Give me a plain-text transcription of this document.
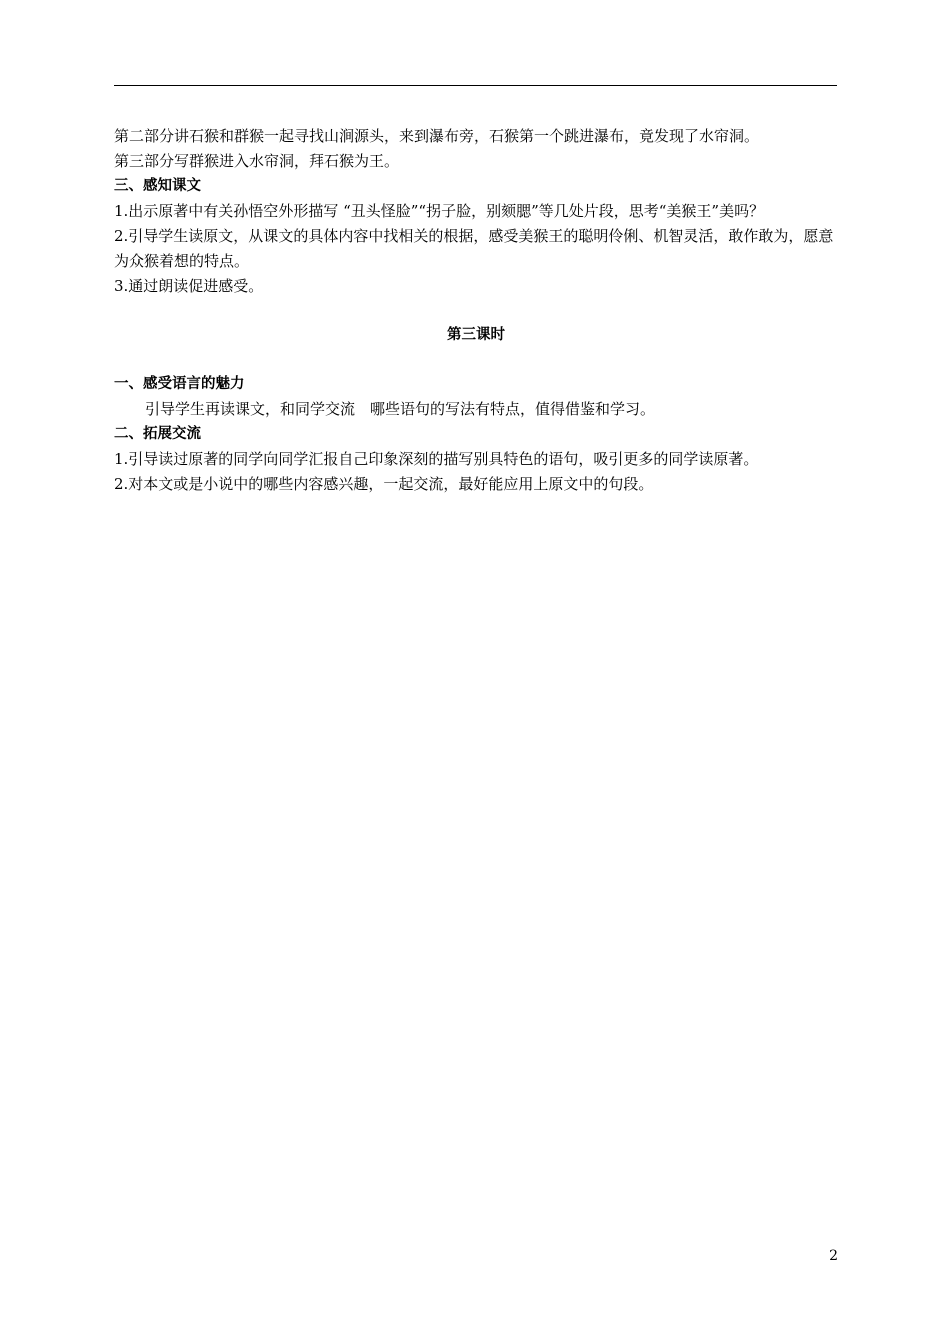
第二部分讲石猴和群猴一起寻找山涧源头，来到瀑布旁，石猴第一个跳进瀑布，竟发现了水帘洞。

第三部分写群猴进入水帘洞，拜石猴为王。

三、感知课文

1.出示原著中有关孙悟空外形描写 “丑头怪脸”“拐子脸，别颏腮”等几处片段，思考“美猴王”美吗？

2.引导学生读原文，从课文的具体内容中找相关的根据，感受美猴王的聪明伶俐、机智灵活，敢作敢为，愿意为众猴着想的特点。

3.通过朗读促进感受。

第三课时

一、感受语言的魅力

引导学生再读课文，和同学交流　哪些语句的写法有特点，值得借鉴和学习。

二、拓展交流

1.引导读过原著的同学向同学汇报自己印象深刻的描写别具特色的语句，吸引更多的同学读原著。

2.对本文或是小说中的哪些内容感兴趣，一起交流，最好能应用上原文中的句段。

2
